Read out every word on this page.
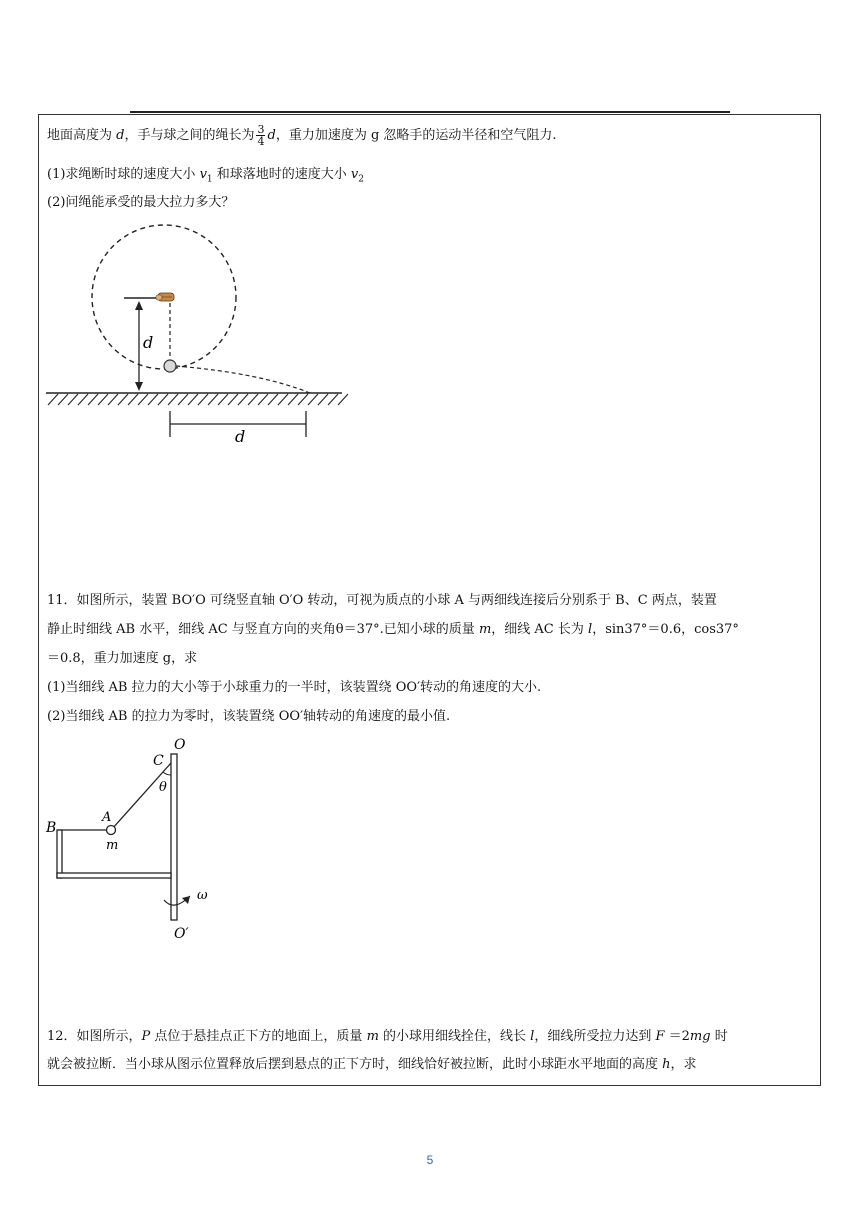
地面高度为 d，手与球之间的绳长为 $\frac{3}{4}$ d，重力加速度为 g 忽略手的运动半径和空气阻力.
(1)求绳断时球的速度大小 $v_1$ 和球落地时的速度大小 $v_2$
(2)问绳能承受的最大拉力多大？
d
d
11．如图所示，装置 BO′O 可绕竖直轴 O′O 转动，可视为质点的小球 A 与两细线连接后分别系于 B、C 两点，装置
静止时细线 AB 水平，细线 AC 与竖直方向的夹角θ＝37°.已知小球的质量 m，细线 AC 长为 l，sin37°＝0.6，cos37°
＝0.8，重力加速度 g，求
(1)当细线 AB 拉力的大小等于小球重力的一半时，该装置绕 OO′转动的角速度的大小.
(2)当细线 AB 的拉力为零时，该装置绕 OO′轴转动的角速度的最小值.
O
C
θ
A
m
B
ω
O′
12．如图所示，P 点位于悬挂点正下方的地面上，质量 m 的小球用细线拴住，线长 l，细线所受拉力达到 F ＝2mg 时
就会被拉断．当小球从图示位置释放后摆到悬点的正下方时，细线恰好被拉断，此时小球距水平地面的高度 h，求
5
